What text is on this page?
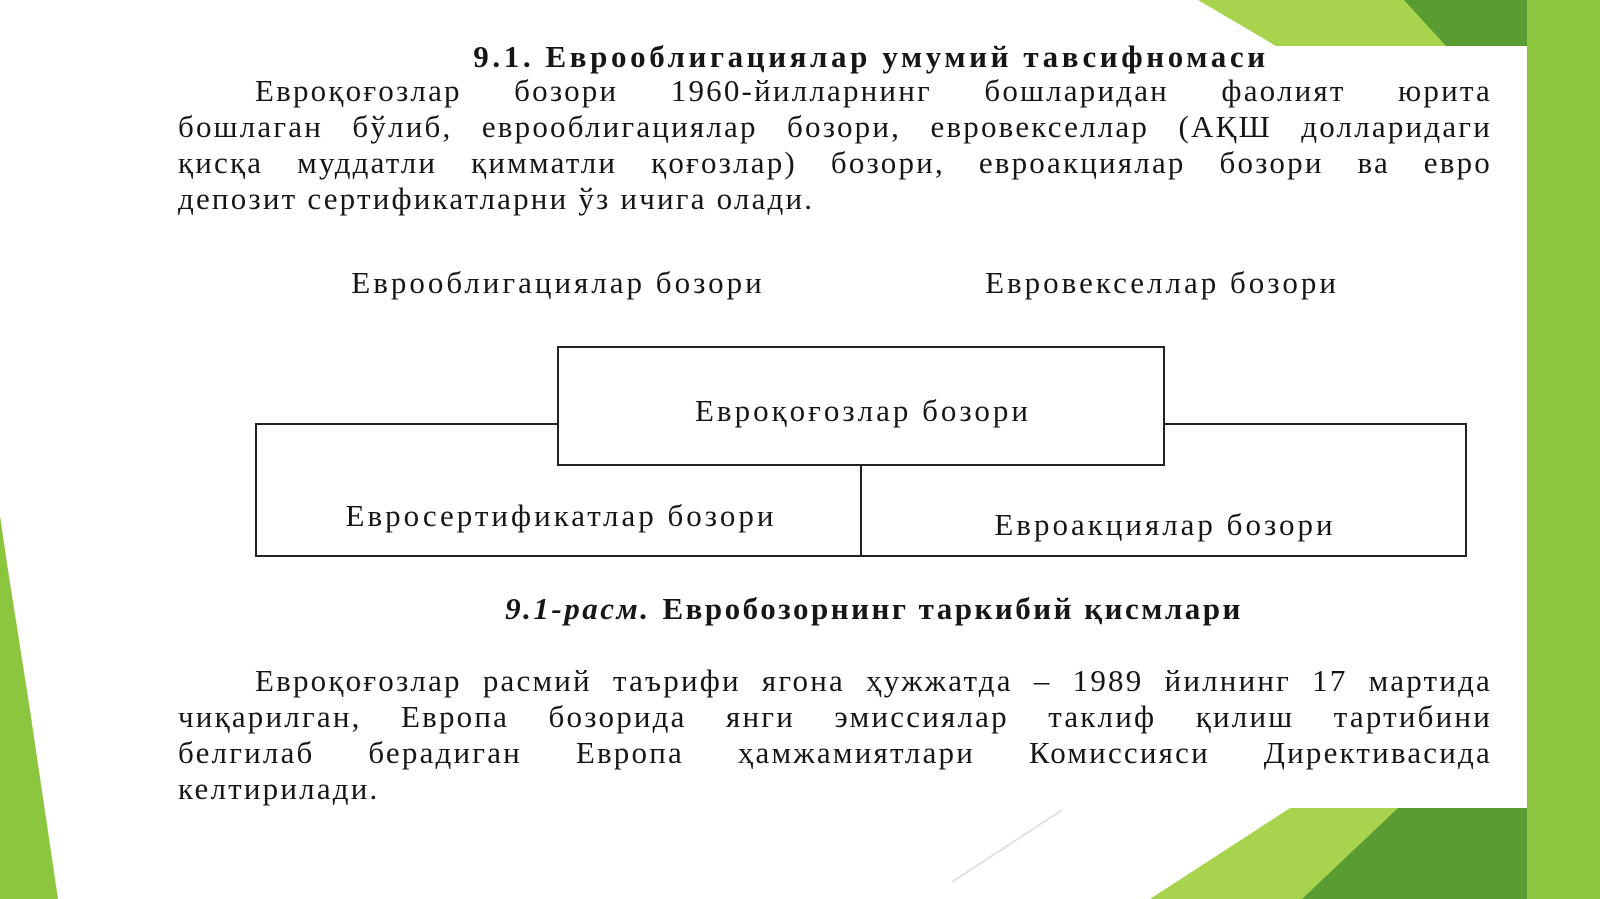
9.1. Еврооблигациялар умумий тавсифномаси
Евроқоғозлар бозори 1960-йилларнинг бошларидан фаолият юрита
бошлаган бўлиб, еврооблигациялар бозори, евровекселлар (АҚШ долларидаги
қисқа муддатли қимматли қоғозлар) бозори, евроакциялар бозори ва евро
депозит сертификатларни ўз ичига олади.
Еврооблигациялар бозори	Евровекселлар бозори
Евроқоғозлар бозори
Евросертификатлар бозори	Евроакциялар бозори
9.1-расм. Евробозорнинг таркибий қисмлари
Евроқоғозлар расмий таърифи ягона ҳужжатда – 1989 йилнинг 17 мартида
чиқарилган, Европа бозорида янги эмиссиялар таклиф қилиш тартибини
белгилаб берадиган Европа ҳамжамиятлари Комиссияси Директивасида
келтирилади.
